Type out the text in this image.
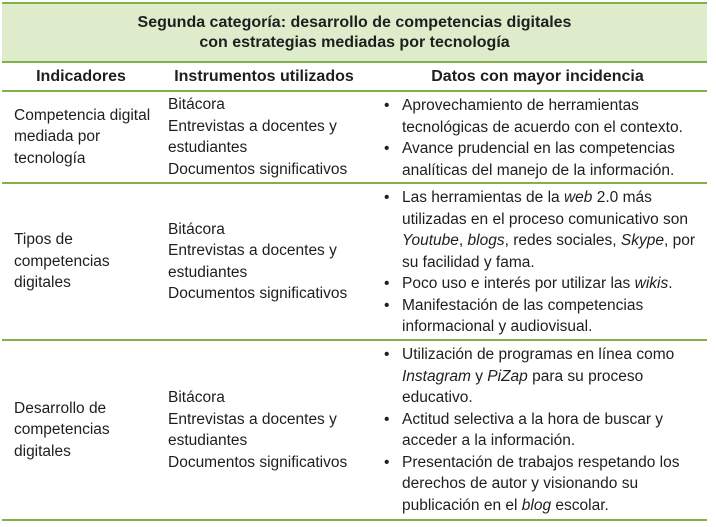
Segunda categoría: desarrollo de competencias digitales
con estrategias mediadas por tecnología
Indicadores	Instrumentos utilizados	Datos con mayor incidencia
Competencia digital mediada por tecnología
Bitácora
Entrevistas a docentes y estudiantes
Documentos significativos
• Aprovechamiento de herramientas tecnológicas de acuerdo con el contexto.
• Avance prudencial en las competencias analíticas del manejo de la información.
Tipos de competencias digitales
Bitácora
Entrevistas a docentes y estudiantes
Documentos significativos
• Las herramientas de la web 2.0 más utilizadas en el proceso comunicativo son Youtube, blogs, redes sociales, Skype, por su facilidad y fama.
• Poco uso e interés por utilizar las wikis.
• Manifestación de las competencias informacional y audiovisual.
Desarrollo de competencias digitales
Bitácora
Entrevistas a docentes y estudiantes
Documentos significativos
• Utilización de programas en línea como Instagram y PiZap para su proceso educativo.
• Actitud selectiva a la hora de buscar y acceder a la información.
• Presentación de trabajos respetando los derechos de autor y visionando su publicación en el blog escolar.
